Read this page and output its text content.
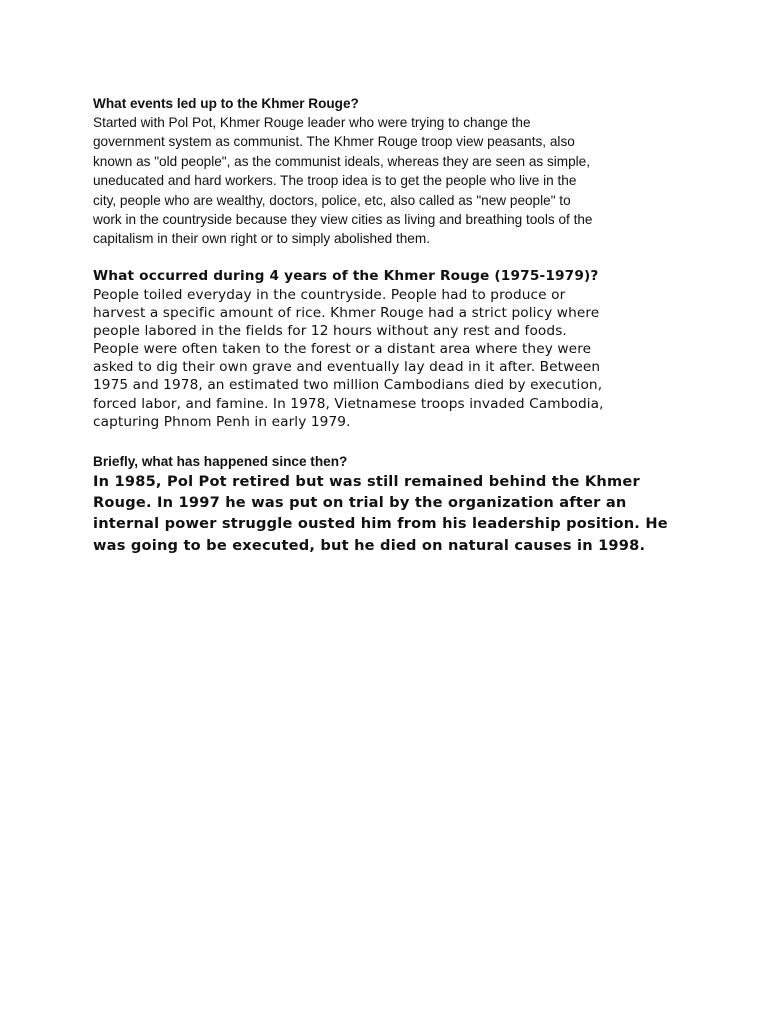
What events led up to the Khmer Rouge?

Started with Pol Pot, Khmer Rouge leader who were trying to change the
government system as communist. The Khmer Rouge troop view peasants, also
known as "old people", as the communist ideals, whereas they are seen as simple,
uneducated and hard workers. The troop idea is to get the people who live in the
city, people who are wealthy, doctors, police, etc, also called as "new people" to
work in the countryside because they view cities as living and breathing tools of the
capitalism in their own right or to simply abolished them.

What occurred during 4 years of the Khmer Rouge (1975-1979)?

People toiled everyday in the countryside. People had to produce or
harvest a specific amount of rice. Khmer Rouge had a strict policy where
people labored in the fields for 12 hours without any rest and foods.
People were often taken to the forest or a distant area where they were
asked to dig their own grave and eventually lay dead in it after. Between
1975 and 1978, an estimated two million Cambodians died by execution,
forced labor, and famine. In 1978, Vietnamese troops invaded Cambodia,
capturing Phnom Penh in early 1979.

Briefly, what has happened since then?

In 1985, Pol Pot retired but was still remained behind the Khmer
Rouge. In 1997 he was put on trial by the organization after an
internal power struggle ousted him from his leadership position. He
was going to be executed, but he died on natural causes in 1998.
